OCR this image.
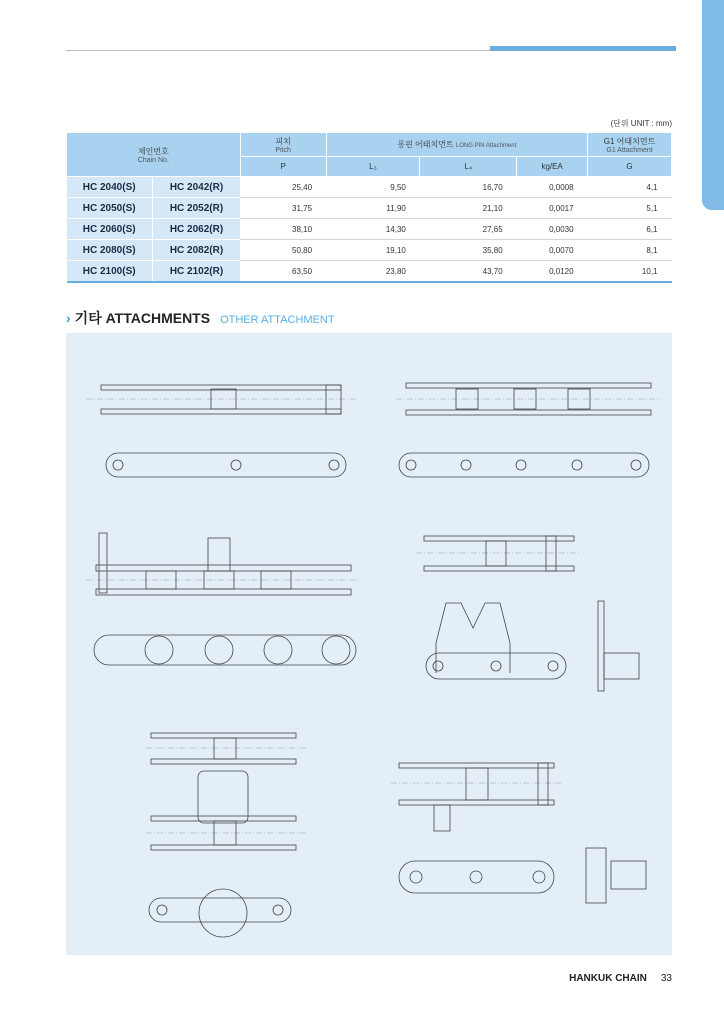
(단위 UNIT : mm)
체인번호
Chain No.		피치
Pitch	롱핀 어태치먼트 LONG PIN Attachment			G1 어태치먼트
G1 Attachment

		P	L₃	L₄	kg/EA	G
HC 2040(S)	HC 2042(R)	25,40	9,50	16,70	0,0008	4,1
HC 2050(S)	HC 2052(R)	31,75	11,90	21,10	0,0017	5,1
HC 2060(S)	HC 2062(R)	38,10	14,30	27,65	0,0030	6,1
HC 2080(S)	HC 2082(R)	50,80	19,10	35,80	0,0070	8,1
HC 2100(S)	HC 2102(R)	63,50	23,80	43,70	0,0120	10,1
› 기타 ATTACHMENTS OTHER ATTACHMENT
HANKUK CHAIN 33
